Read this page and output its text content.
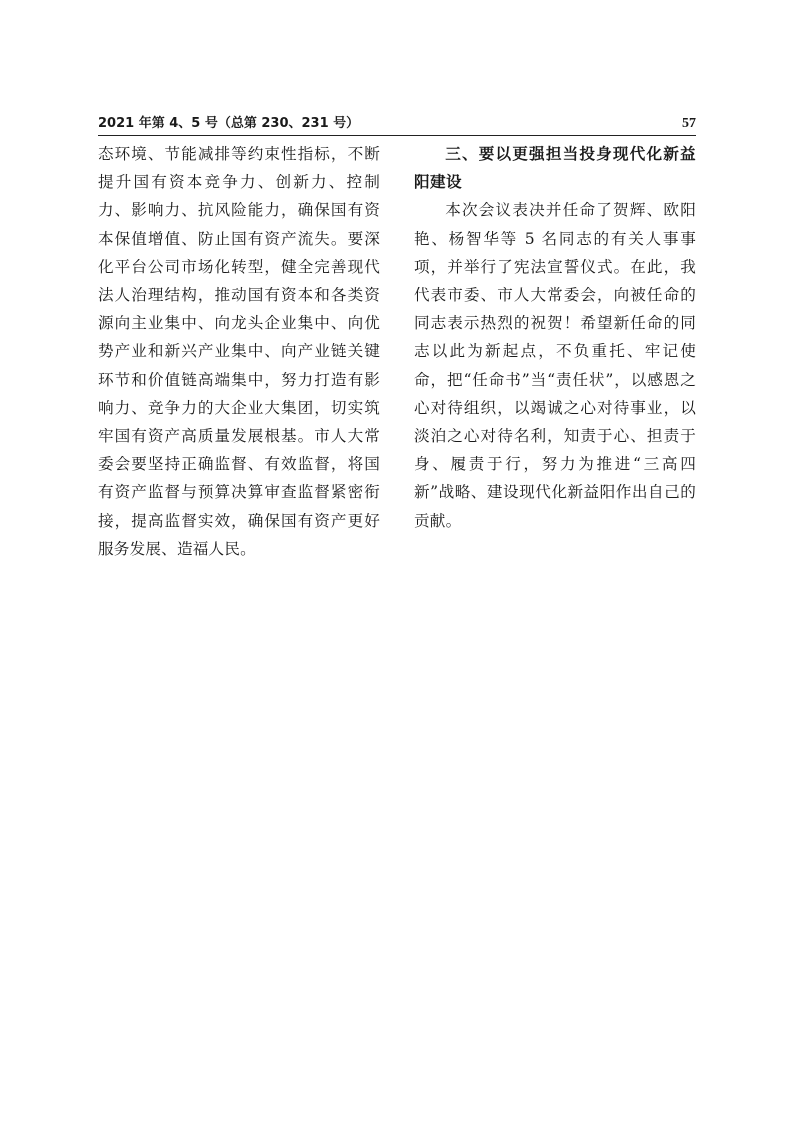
2021 年第 4、5 号（总第 230、231 号）	57

态环境、节能减排等约束性指标，不断提升国有资本竞争力、创新力、控制力、影响力、抗风险能力，确保国有资本保值增值、防止国有资产流失。要深化平台公司市场化转型，健全完善现代法人治理结构，推动国有资本和各类资源向主业集中、向龙头企业集中、向优势产业和新兴产业集中、向产业链关键环节和价值链高端集中，努力打造有影响力、竞争力的大企业大集团，切实筑牢国有资产高质量发展根基。市人大常委会要坚持正确监督、有效监督，将国有资产监督与预算决算审查监督紧密衔接，提高监督实效，确保国有资产更好服务发展、造福人民。

三、要以更强担当投身现代化新益阳建设

本次会议表决并任命了贺辉、欧阳艳、杨智华等 5 名同志的有关人事事项，并举行了宪法宣誓仪式。在此，我代表市委、市人大常委会，向被任命的同志表示热烈的祝贺！希望新任命的同志以此为新起点，不负重托、牢记使命，把“任命书”当“责任状”，以感恩之心对待组织，以竭诚之心对待事业，以淡泊之心对待名利，知责于心、担责于身、履责于行，努力为推进“三高四新”战略、建设现代化新益阳作出自己的贡献。
